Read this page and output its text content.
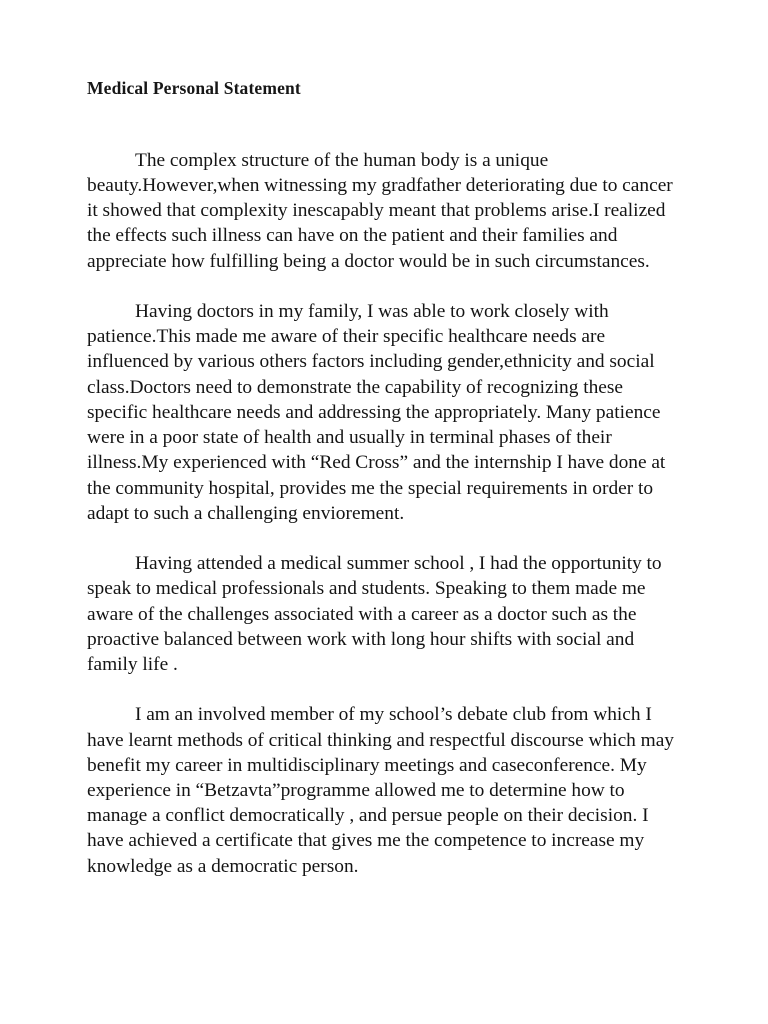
Medical Personal Statement

The complex structure of the human body is a unique beauty.However,when witnessing my gradfather deteriorating due to cancer it showed that complexity inescapably meant that problems arise.I realized the effects such illness can have on the patient and their families and appreciate how fulfilling being a doctor would be in such circumstances.

Having doctors in my family, I was able to work closely with patience.This made me aware of their specific healthcare needs are influenced by various others factors including gender,ethnicity and social class.Doctors need to demonstrate the capability of recognizing these specific healthcare needs and addressing the appropriately. Many patience were in a poor state of health and usually in terminal phases of their illness.My experienced with “Red Cross” and the internship I have done at the community hospital, provides me the special requirements in order to adapt to such a challenging enviorement.

Having attended a medical summer school , I had the opportunity to speak to medical professionals and students. Speaking to them made me aware of the challenges associated with a career as a doctor such as the proactive balanced between work with long hour shifts with social and family life .

I am an involved member of my school’s debate club from which I have learnt methods of critical thinking and respectful discourse which may benefit my career in multidisciplinary meetings and caseconference. My experience in “Betzavta”programme allowed me to determine how to manage a conflict democratically , and persue people on their decision. I have achieved a certificate that gives me the competence to increase my knowledge as a democratic person.
